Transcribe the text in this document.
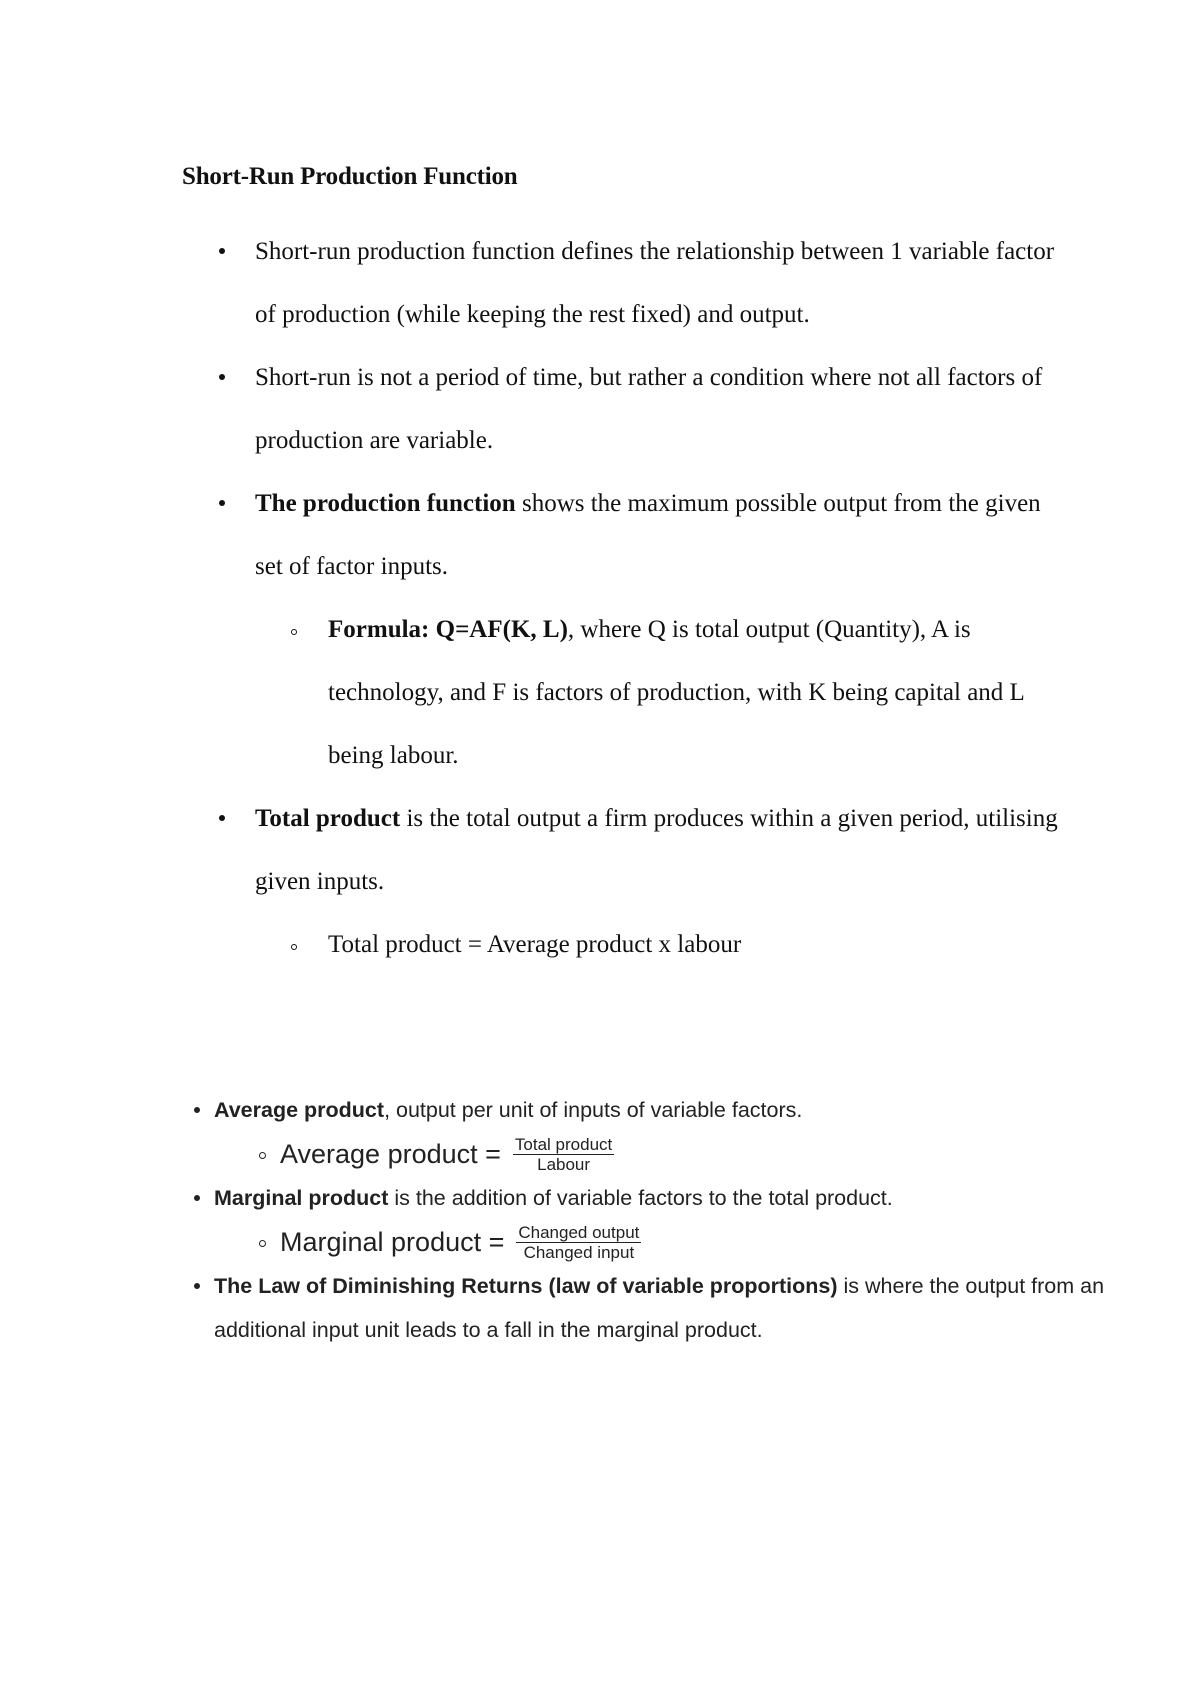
Short-Run Production Function
Short-run production function defines the relationship between 1 variable factor of production (while keeping the rest fixed) and output.
Short-run is not a period of time, but rather a condition where not all factors of production are variable.
The production function shows the maximum possible output from the given set of factor inputs.
Formula: Q=AF(K, L), where Q is total output (Quantity), A is technology, and F is factors of production, with K being capital and L being labour.
Total product is the total output a firm produces within a given period, utilising given inputs.
Total product = Average product x labour
Average product, output per unit of inputs of variable factors.
Average product = $\frac{\text{Total product}}{\text{Labour}}$
Marginal product is the addition of variable factors to the total product.
Marginal product = $\frac{\text{Changed output}}{\text{Changed input}}$
The Law of Diminishing Returns (law of variable proportions) is where the output from an additional input unit leads to a fall in the marginal product.
